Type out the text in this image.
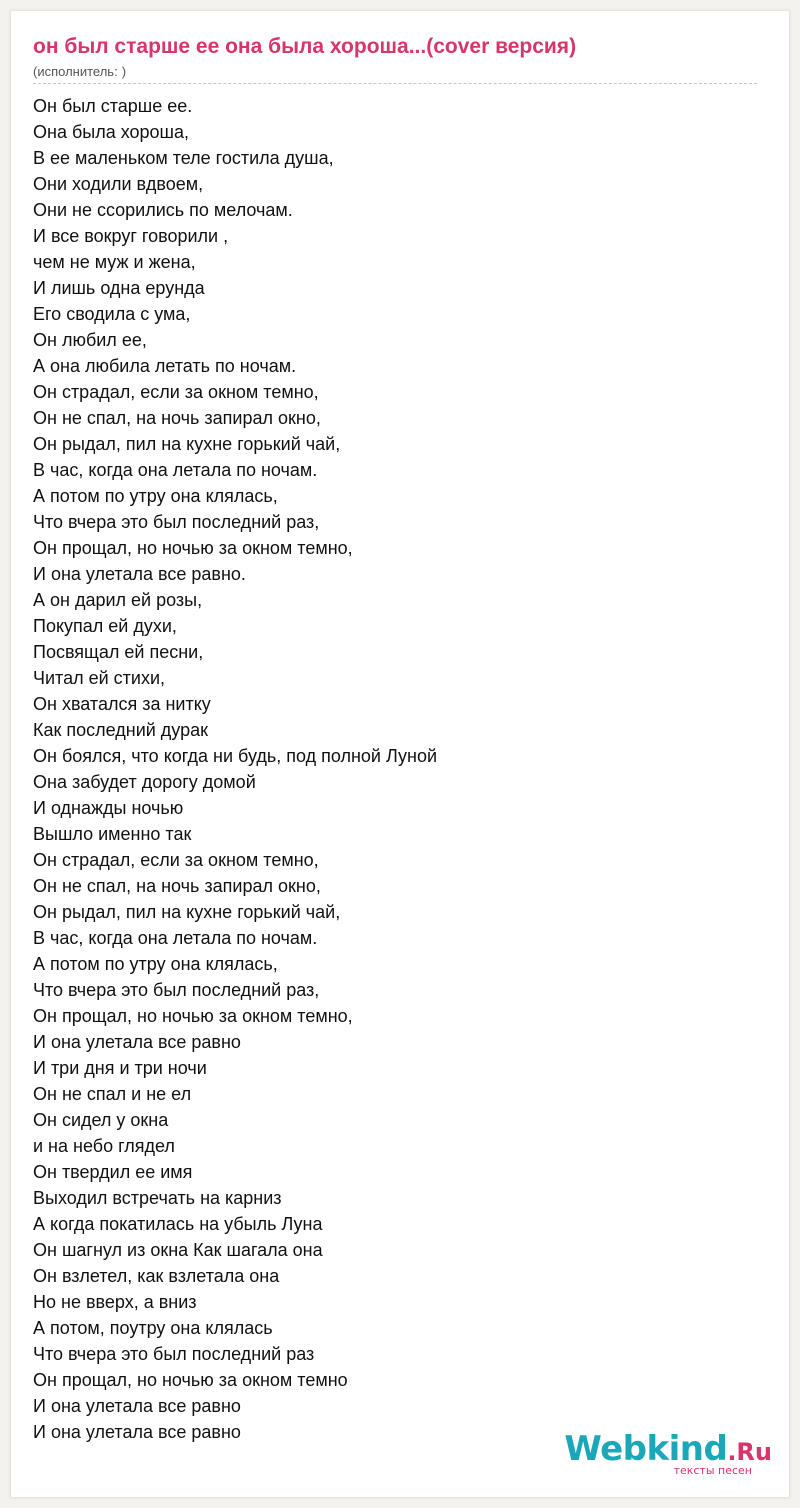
он был старше ее она была хороша...(cover версия)
(исполнитель: )
Он был старше ее.
Она была хороша,
В ее маленьком теле гостила душа,
Они ходили вдвоем,
Они не ссорились по мелочам.
И все вокруг говорили ,
чем не муж и жена,
И лишь одна ерунда
Его сводила с ума,
Он любил ее,
А она любила летать по ночам.
Он страдал, если за окном темно,
Он не спал, на ночь запирал окно,
Он рыдал, пил на кухне горький чай,
В час, когда она летала по ночам.
А потом по утру она клялась,
Что вчера это был последний раз,
Он прощал, но ночью за окном темно,
И она улетала все равно.
А он дарил ей розы,
Покупал ей духи,
Посвящал ей песни,
Читал ей стихи,
Он хватался за нитку
Как последний дурак
Он боялся, что когда ни будь, под полной Луной
Она забудет дорогу домой
И однажды ночью
Вышло именно так
Он страдал, если за окном темно,
Он не спал, на ночь запирал окно,
Он рыдал, пил на кухне горький чай,
В час, когда она летала по ночам.
А потом по утру она клялась,
Что вчера это был последний раз,
Он прощал, но ночью за окном темно,
И она улетала все равно
И три дня и три ночи
Он не спал и не ел
Он сидел у окна
и на небо глядел
Он твердил ее имя
Выходил встречать на карниз
А когда покатилась на убыль Луна
Он шагнул из окна Как шагала она
Он взлетел, как взлетала она
Но не вверх, а вниз
А потом, поутру она клялась
Что вчера это был последний раз
Он прощал, но ночью за окном темно
И она улетала все равно
И она улетала все равно	Webkind.Ru
тексты песен
